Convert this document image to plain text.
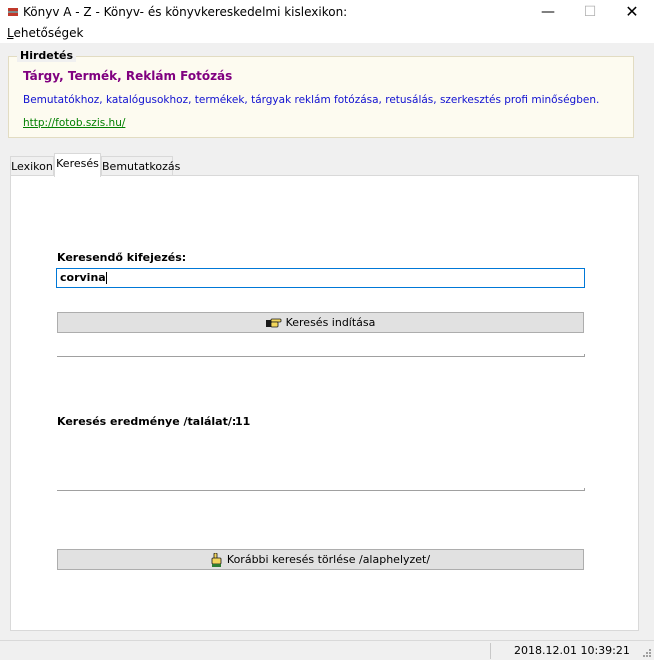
Könyv A - Z - Könyv- és könyvkereskedelmi kislexikon:	—	☐	✕
Lehetőségek
Hirdetés
Tárgy, Termék, Reklám Fotózás
Bemutatókhoz, katalógusokhoz, termékek, tárgyak reklám fotózása, retusálás, szerkesztés profi minőségben.
http://fotob.szis.hu/
Lexikon Keresés Bemutatkozás
Keresendő kifejezés:
corvina
Keresés indítása
Keresés eredménye /találat/:
11
Korábbi keresés törlése /alaphelyzet/
2018.12.01 10:39:21
